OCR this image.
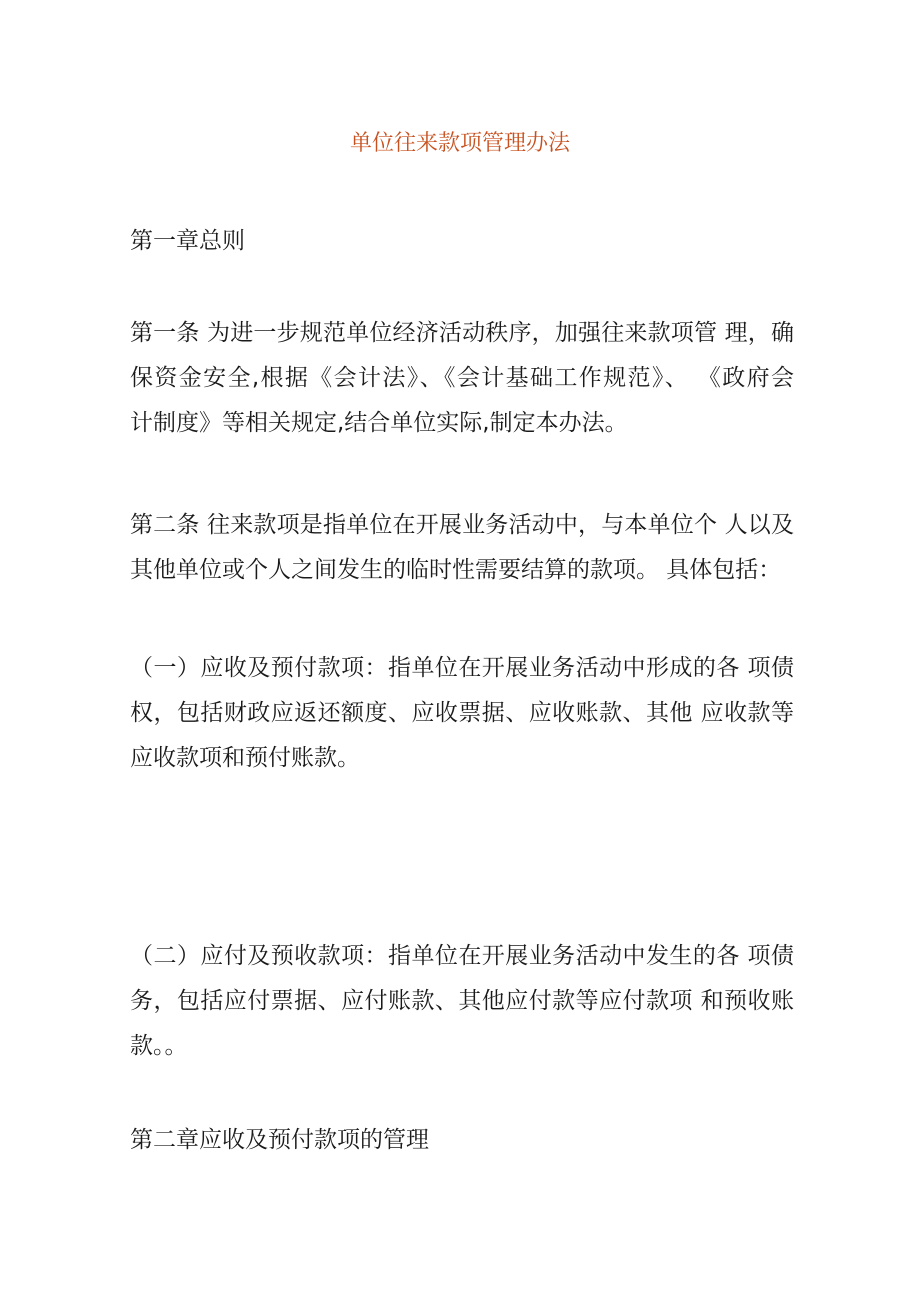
单位往来款项管理办法
第一章总则
第一条 为进一步规范单位经济活动秩序，加强往来款项管 理，确
保资金安全,根据《会计法》、《会计基础工作规范》、 《政府会
计制度》等相关规定,结合单位实际,制定本办法。
第二条 往来款项是指单位在开展业务活动中，与本单位个 人以及
其他单位或个人之间发生的临时性需要结算的款项。 具体包括：
（一）应收及预付款项：指单位在开展业务活动中形成的各 项债
权，包括财政应返还额度、应收票据、应收账款、其他 应收款等
应收款项和预付账款。
（二）应付及预收款项：指单位在开展业务活动中发生的各 项债
务，包括应付票据、应付账款、其他应付款等应付款项 和预收账
款。。
第二章应收及预付款项的管理
